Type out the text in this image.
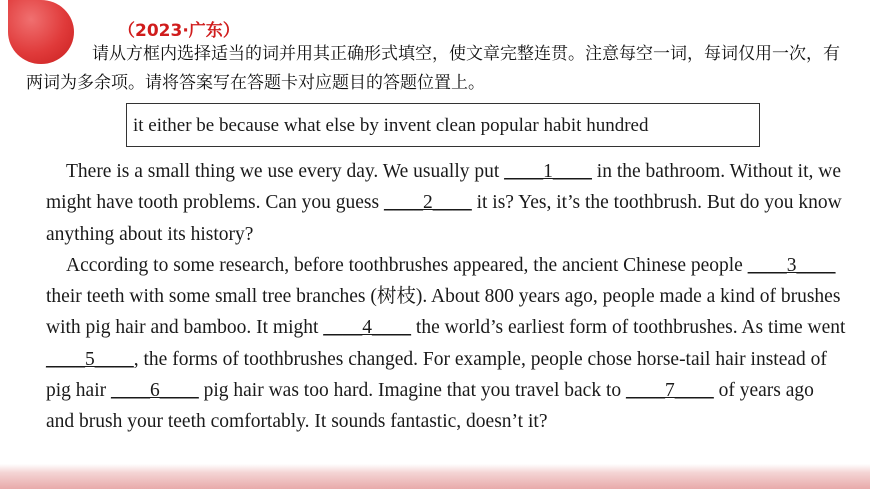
（2023·广东）
请从方框内选择适当的词并用其正确形式填空，使文章完整连贯。注意每空一词，每词仅用一次，有两词为多余项。请将答案写在答题卡对应题目的答题位置上。
it either be because what else by invent clean popular habit hundred

There is a small thing we use every day. We usually put ____1____ in the bathroom. Without it, we might have tooth problems. Can you guess ____2____ it is? Yes, it’s the toothbrush. But do you know anything about its history?

According to some research, before toothbrushes appeared, the ancient Chinese people ____3____ their teeth with some small tree branches (树枝). About 800 years ago, people made a kind of brushes with pig hair and bamboo. It might ____4____ the world’s earliest form of toothbrushes. As time went ____5____, the forms of toothbrushes changed. For example, people chose horse-tail hair instead of pig hair ____6____ pig hair was too hard. Imagine that you travel back to ____7____ of years ago and brush your teeth comfortably. It sounds fantastic, doesn’t it?
